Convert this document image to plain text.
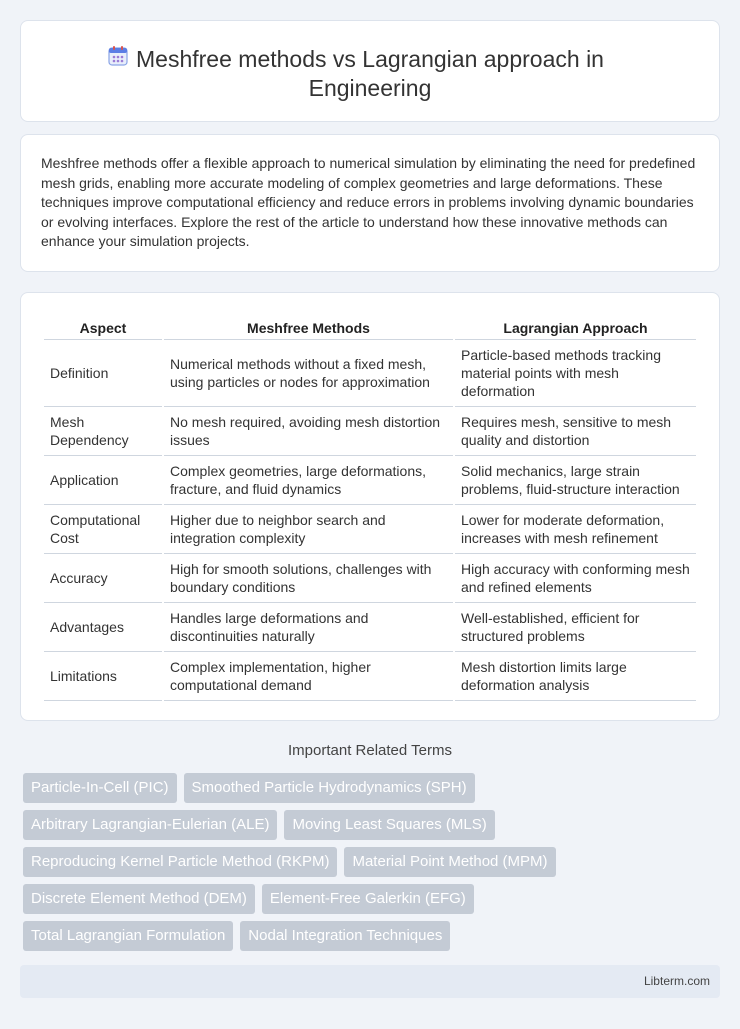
Meshfree methods vs Lagrangian approach in Engineering

Meshfree methods offer a flexible approach to numerical simulation by eliminating the need for predefined mesh grids, enabling more accurate modeling of complex geometries and large deformations. These techniques improve computational efficiency and reduce errors in problems involving dynamic boundaries or evolving interfaces. Explore the rest of the article to understand how these innovative methods can enhance your simulation projects.

Aspect	Meshfree Methods	Lagrangian Approach
Definition	Numerical methods without a fixed mesh, using particles or nodes for approximation	Particle-based methods tracking material points with mesh deformation
Mesh Dependency	No mesh required, avoiding mesh distortion issues	Requires mesh, sensitive to mesh quality and distortion
Application	Complex geometries, large deformations, fracture, and fluid dynamics	Solid mechanics, large strain problems, fluid-structure interaction
Computational Cost	Higher due to neighbor search and integration complexity	Lower for moderate deformation, increases with mesh refinement
Accuracy	High for smooth solutions, challenges with boundary conditions	High accuracy with conforming mesh and refined elements
Advantages	Handles large deformations and discontinuities naturally	Well-established, efficient for structured problems
Limitations	Complex implementation, higher computational demand	Mesh distortion limits large deformation analysis
Important Related Terms
Particle-In-Cell (PIC)	Smoothed Particle Hydrodynamics (SPH)
Arbitrary Lagrangian-Eulerian (ALE)	Moving Least Squares (MLS)
Reproducing Kernel Particle Method (RKPM)	Material Point Method (MPM)
Discrete Element Method (DEM)	Element-Free Galerkin (EFG)
Total Lagrangian Formulation	Nodal Integration Techniques
Libterm.com
